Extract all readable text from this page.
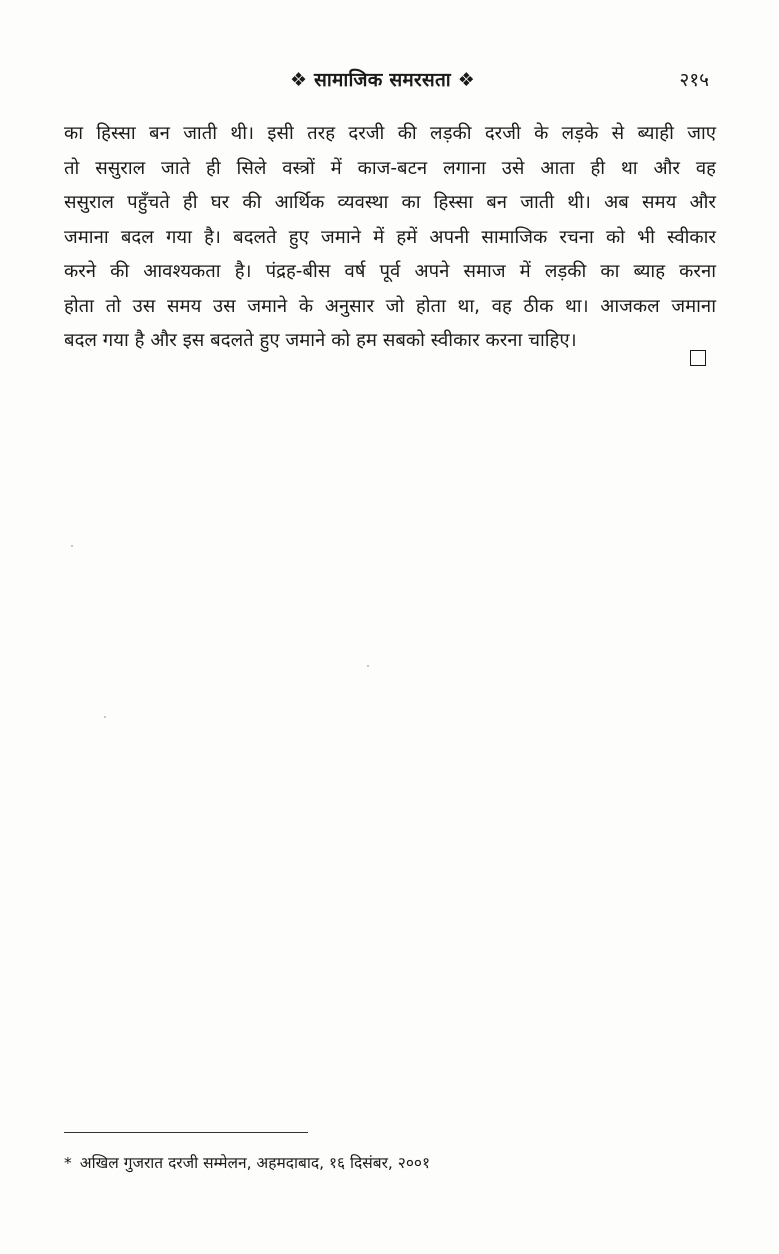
❖ सामाजिक समरसता ❖	२१५
का हिस्सा बन जाती थी। इसी तरह दरजी की लड़की दरजी के लड़के से ब्याही जाए
तो ससुराल जाते ही सिले वस्त्रों में काज-बटन लगाना उसे आता ही था और वह
ससुराल पहुँचते ही घर की आर्थिक व्यवस्था का हिस्सा बन जाती थी। अब समय और
जमाना बदल गया है। बदलते हुए जमाने में हमें अपनी सामाजिक रचना को भी स्वीकार
करने की आवश्यकता है। पंद्रह-बीस वर्ष पूर्व अपने समाज में लड़की का ब्याह करना
होता तो उस समय उस जमाने के अनुसार जो होता था, वह ठीक था। आजकल जमाना
बदल गया है और इस बदलते हुए जमाने को हम सबको स्वीकार करना चाहिए।
* अखिल गुजरात दरजी सम्मेलन, अहमदाबाद, १६ दिसंबर, २००१
